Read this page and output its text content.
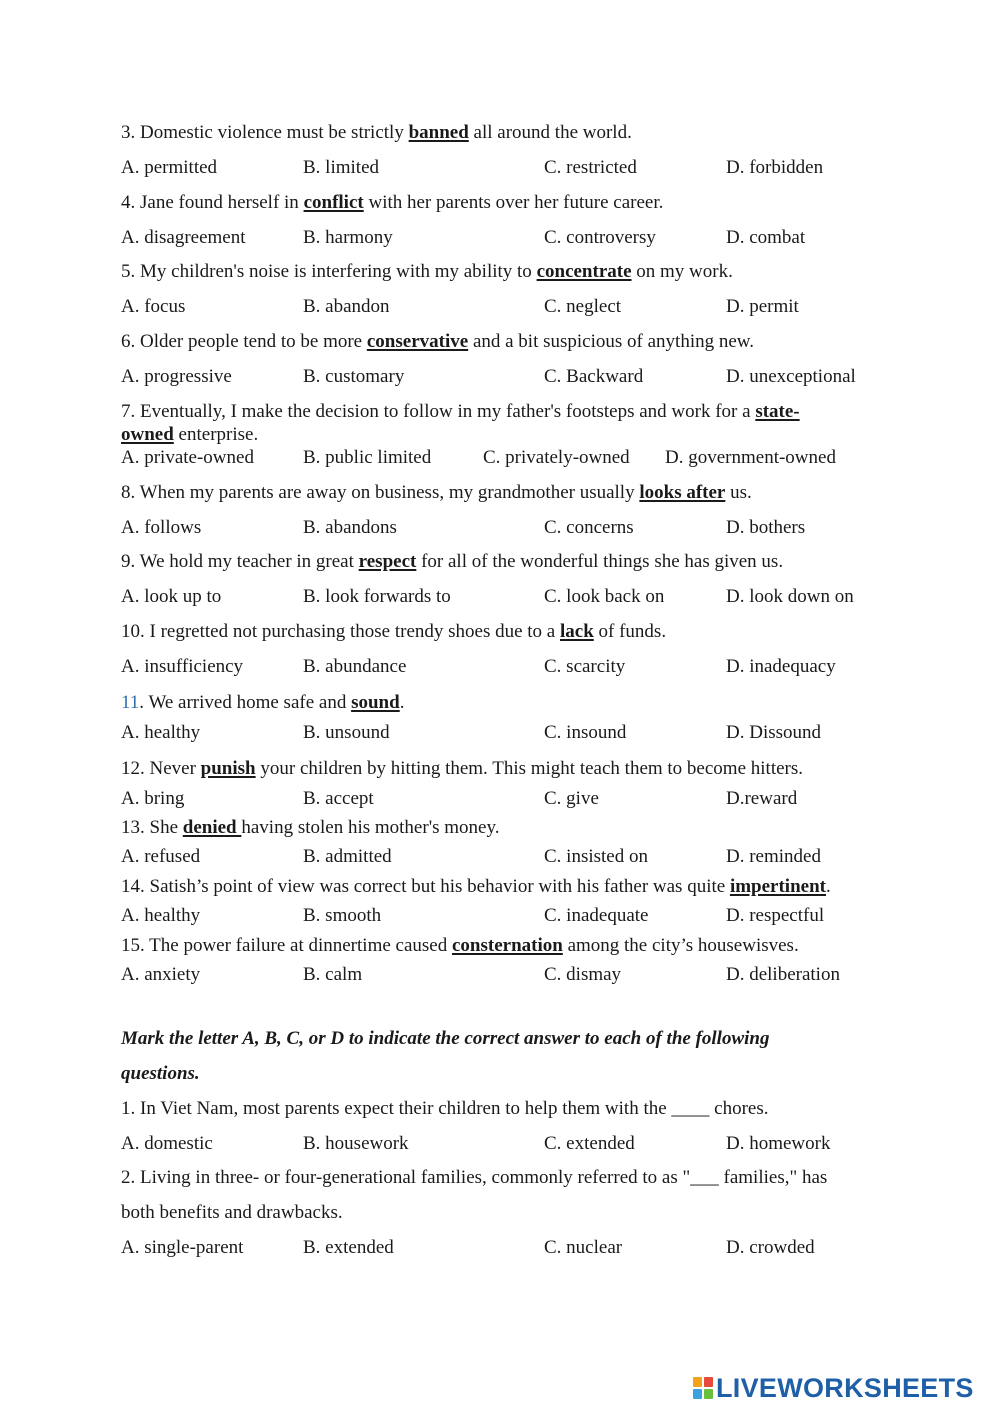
3. Domestic violence must be strictly banned all around the world.
A. permitted	B. limited	C. restricted	D. forbidden
4. Jane found herself in conflict with her parents over her future career.
A. disagreement	B. harmony	C. controversy	D. combat
5. My children's noise is interfering with my ability to concentrate on my work.
A. focus	B. abandon	C. neglect	D. permit
6. Older people tend to be more conservative and a bit suspicious of anything new.
A. progressive	B. customary	C. Backward	D. unexceptional
7. Eventually, I make the decision to follow in my father's footsteps and work for a state-
owned enterprise.
A. private-owned	B. public limited	C. privately-owned D. government-owned
8. When my parents are away on business, my grandmother usually looks after us.
A. follows	B. abandons	C. concerns	D. bothers
9. We hold my teacher in great respect for all of the wonderful things she has given us.
A. look up to	B. look forwards to	C. look back on	D. look down on
10. I regretted not purchasing those trendy shoes due to a lack of funds.
A. insufficiency	B. abundance	C. scarcity	D. inadequacy
11. We arrived home safe and sound.
A. healthy	B. unsound	C. insound	D. Dissound
12. Never punish your children by hitting them. This might teach them to become hitters.
A. bring	B. accept	C. give	D.reward
13. She denied having stolen his mother's money.
A. refused	B. admitted	C. insisted on	D. reminded
14. Satish’s point of view was correct but his behavior with his father was quite impertinent.
A. healthy	B. smooth	C. inadequate	D. respectful
15. The power failure at dinnertime caused consternation among the city’s housewisves.
A. anxiety	B. calm	C. dismay	D. deliberation
Mark the letter A, B, C, or D to indicate the correct answer to each of the following
questions.
1. In Viet Nam, most parents expect their children to help them with the ____ chores.
A. domestic	B. housework	C. extended	D. homework
2. Living in three- or four-generational families, commonly referred to as "___ families," has
both benefits and drawbacks.
A. single-parent	B. extended	C. nuclear	D. crowded
LIVEWORKSHEETS
